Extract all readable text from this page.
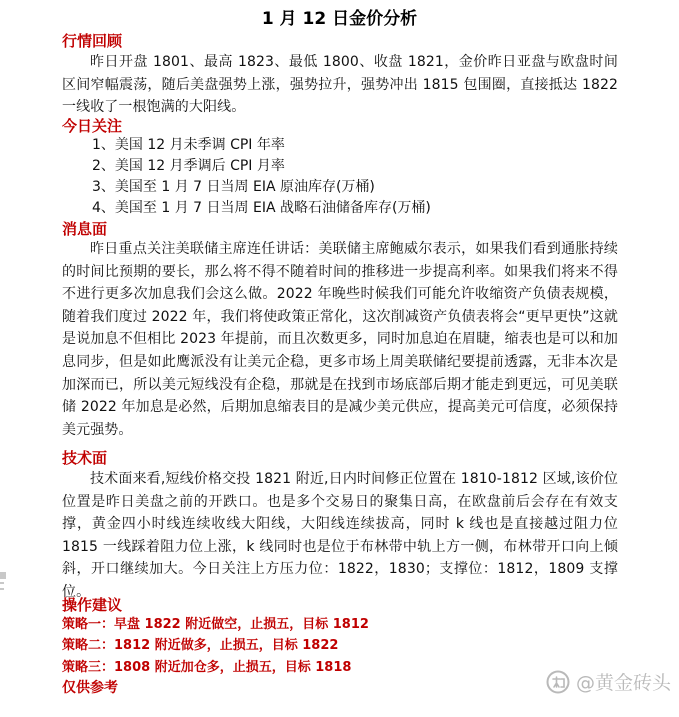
1 月 12 日金价分析
行情回顾
昨日开盘 1801、最高 1823、最低 1800、收盘 1821，金价昨日亚盘与欧盘时间区间窄幅震荡，随后美盘强势上涨，强势拉升，强势冲出 1815 包围圈，直接抵达 1822 一线收了一根饱满的大阳线。
今日关注
1、美国 12 月未季调 CPI 年率
2、美国 12 月季调后 CPI 月率
3、美国至 1 月 7 日当周 EIA 原油库存(万桶)
4、美国至 1 月 7 日当周 EIA 战略石油储备库存(万桶)
消息面
昨日重点关注美联储主席连任讲话：美联储主席鲍威尔表示，如果我们看到通胀持续的时间比预期的要长，那么将不得不随着时间的推移进一步提高利率。如果我们将来不得不进行更多次加息我们会这么做。2022 年晚些时候我们可能允许收缩资产负债表规模，随着我们度过 2022 年，我们将使政策正常化，这次削减资产负债表将会“更早更快”这就是说加息不但相比 2023 年提前，而且次数更多，同时加息迫在眉睫，缩表也是可以和加息同步，但是如此鹰派没有让美元企稳，更多市场上周美联储纪要提前透露，无非本次是加深而已，所以美元短线没有企稳，那就是在找到市场底部后期才能走到更远，可见美联储 2022 年加息是必然，后期加息缩表目的是减少美元供应，提高美元可信度，必须保持美元强势。
技术面
技术面来看,短线价格交投 1821 附近,日内时间修正位置在 1810-1812 区域,该价位位置是昨日美盘之前的开跌口。也是多个交易日的聚集日高，在欧盘前后会存在有效支撑，黄金四小时线连续收线大阳线，大阳线连续拔高，同时 k 线也是直接越过阻力位 1815 一线踩着阻力位上涨，k 线同时也是位于布林带中轨上方一侧，布林带开口向上倾斜，开口继续加大。今日关注上方压力位：1822，1830；支撑位：1812，1809 支撑位。
操作建议
策略一：早盘 1822 附近做空，止损五，目标 1812
策略二：1812 附近做多，止损五，目标 1822
策略三：1808 附近加仓多，止损五，目标 1818
仅供参考	@黄金砖头
